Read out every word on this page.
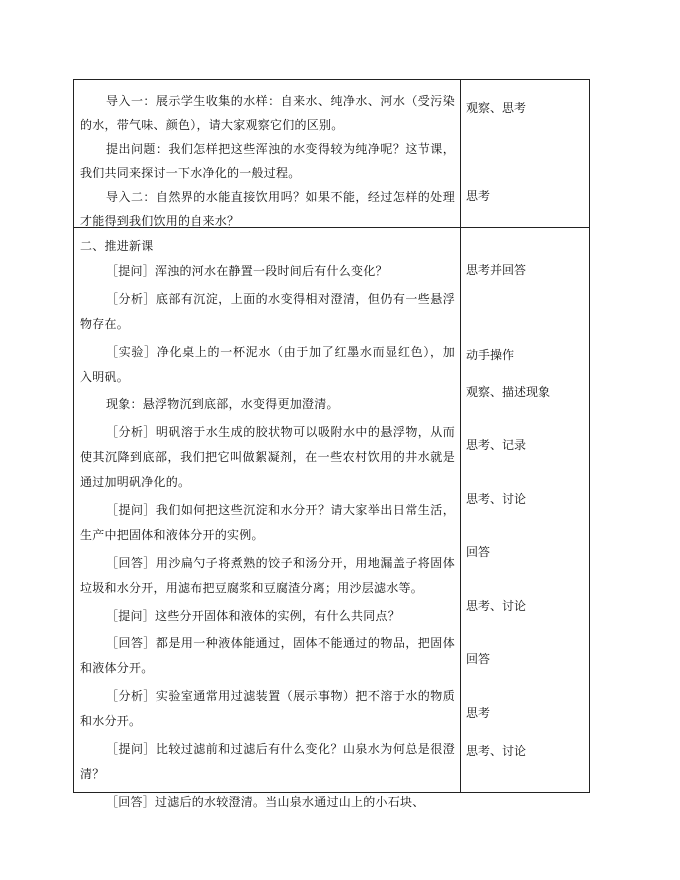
导入一：展示学生收集的水样：自来水、纯净水、河水（受污染的水，带气味、颜色），请大家观察它们的区别。

提出问题：我们怎样把这些浑浊的水变得较为纯净呢？这节课，我们共同来探讨一下水净化的一般过程。

导入二：自然界的水能直接饮用吗？如果不能，经过怎样的处理才能得到我们饮用的自来水？

观察、思考
思考

二、推进新课

［提问］浑浊的河水在静置一段时间后有什么变化？

［分析］底部有沉淀，上面的水变得相对澄清，但仍有一些悬浮物存在。

［实验］净化桌上的一杯泥水（由于加了红墨水而显红色），加入明矾。

现象：悬浮物沉到底部，水变得更加澄清。

［分析］明矾溶于水生成的胶状物可以吸附水中的悬浮物，从而使其沉降到底部，我们把它叫做絮凝剂，在一些农村饮用的井水就是通过加明矾净化的。

［提问］我们如何把这些沉淀和水分开？请大家举出日常生活，生产中把固体和液体分开的实例。

［回答］用沙扁勺子将煮熟的饺子和汤分开，用地漏盖子将固体垃圾和水分开，用滤布把豆腐浆和豆腐渣分离；用沙层滤水等。

［提问］这些分开固体和液体的实例，有什么共同点？

［回答］都是用一种液体能通过，固体不能通过的物品，把固体和液体分开。

［分析］实验室通常用过滤装置（展示事物）把不溶于水的物质和水分开。

［提问］比较过滤前和过滤后有什么变化？山泉水为何总是很澄清？

［回答］过滤后的水较澄清。当山泉水通过山上的小石块、

思考并回答
动手操作
观察、描述现象
思考、记录
思考、讨论
回答
思考、讨论
回答
思考
思考、讨论
